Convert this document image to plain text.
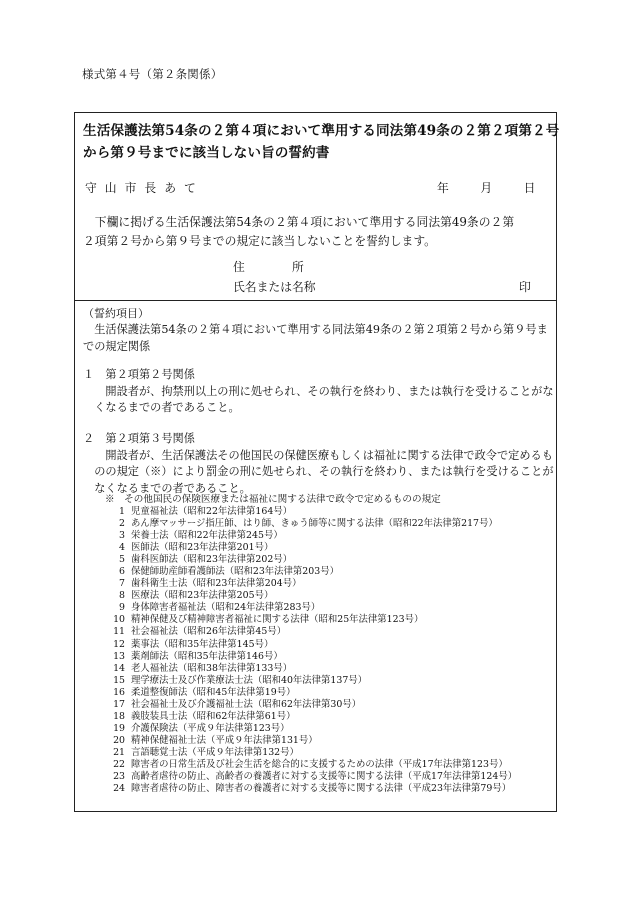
様式第４号（第２条関係）
生活保護法第54条の２第４項において準用する同法第49条の２第２項第２号
から第９号までに該当しない旨の誓約書
守山市長あて	年	月	日
　下欄に掲げる生活保護法第54条の２第４項において準用する同法第49条の２第
２項第２号から第９号までの規定に該当しないことを誓約します。
住　　　　所
氏名または名称	印
（誓約項目）
　生活保護法第54条の２第４項において準用する同法第49条の２第２項第２号から第９号ま
での規定関係
１　第２項第２号関係
　　開設者が、拘禁刑以上の刑に処せられ、その執行を終わり、または執行を受けることがな
　くなるまでの者であること。
２　第２項第３号関係
　　開設者が、生活保護法その他国民の保健医療もしくは福祉に関する法律で政令で定めるも
　のの規定（※）により罰金の刑に処せられ、その執行を終わり、または執行を受けることが
　なくなるまでの者であること。
※　その他国民の保険医療または福祉に関する法律で政令で定めるものの規定
1 児童福祉法（昭和22年法律第164号）
2 あん摩マッサージ指圧師、はり師、きゅう師等に関する法律（昭和22年法律第217号）
3 栄養士法（昭和22年法律第245号）
4 医師法（昭和23年法律第201号）
5 歯科医師法（昭和23年法律第202号）
6 保健師助産師看護師法（昭和23年法律第203号）
7 歯科衛生士法（昭和23年法律第204号）
8 医療法（昭和23年法律第205号）
9 身体障害者福祉法（昭和24年法律第283号）
10 精神保健及び精神障害者福祉に関する法律（昭和25年法律第123号）
11 社会福祉法（昭和26年法律第45号）
12 薬事法（昭和35年法律第145号）
13 薬剤師法（昭和35年法律第146号）
14 老人福祉法（昭和38年法律第133号）
15 理学療法士及び作業療法士法（昭和40年法律第137号）
16 柔道整復師法（昭和45年法律第19号）
17 社会福祉士及び介護福祉士法（昭和62年法律第30号）
18 義肢装具士法（昭和62年法律第61号）
19 介護保険法（平成９年法律第123号）
20 精神保健福祉士法（平成９年法律第131号）
21 言語聴覚士法（平成９年法律第132号）
22 障害者の日常生活及び社会生活を総合的に支援するための法律（平成17年法律第123号）
23 高齢者虐待の防止、高齢者の養護者に対する支援等に関する法律（平成17年法律第124号）
24 障害者虐待の防止、障害者の養護者に対する支援等に関する法律（平成23年法律第79号）
